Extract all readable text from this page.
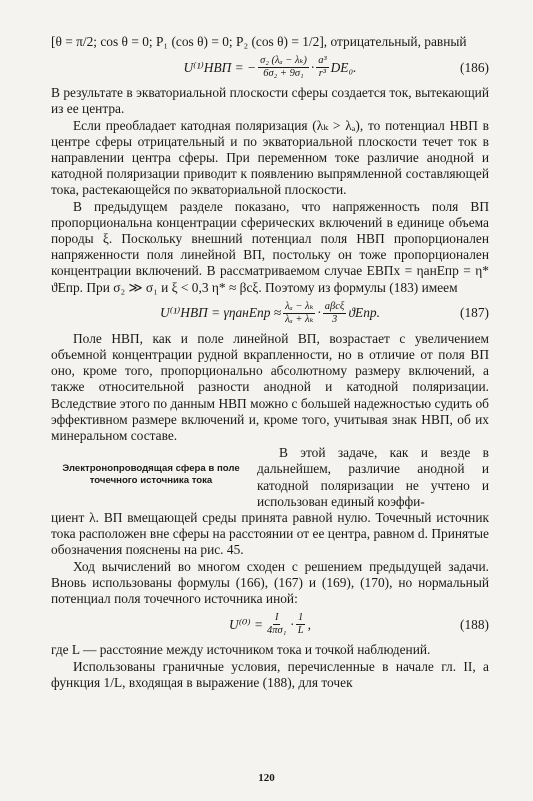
[θ = π/2; cos θ = 0; P₁ (cos θ) = 0; P₂ (cos θ) = 1/2], отрицательный, равный

U⁽¹⁾НВП = − $\frac{\text{σ₂ (λₐ − λₖ)}}{\text{6σ₂ + 9σ₁}} \cdot \frac{\text{a³}}{\text{r³}} DE_0$.	(186)

В результате в экваториальной плоскости сферы создается ток, вытекающий из ее центра.

Если преобладает катодная поляризация (λₖ > λₐ), то потенциал НВП в центре сферы отрицательный и по экваториальной плоскости течет ток в направлении центра сферы. При переменном токе различие анодной и катодной поляризации приводит к появлению выпрямленной составляющей тока, растекающейся по экваториальной плоскости.

В предыдущем разделе показано, что напряженность поля ВП пропорциональна концентрации сферических включений в единице объема породы ξ. Поскольку внешний потенциал поля НВП пропорционален напряженности поля линейной ВП, постольку он тоже пропорционален концентрации включений. В рассматриваемом случае EВПх = ηанEпр = η* ϑEпр. При σ₂ ≫ σ₁ и ξ < 0,3 η* ≈ βсξ. Поэтому из формулы (183) имеем

U⁽¹⁾НВП = γηанEпр ≈ $\frac{\text{λₐ − λₖ}}{\text{λₐ + λₖ}} \cdot \frac{\text{aβсξ}}{3} ϑEпр$.	(187)

Поле НВП, как и поле линейной ВП, возрастает с увеличением объемной концентрации рудной вкрапленности, но в отличие от поля ВП оно, кроме того, пропорционально абсолютному размеру включений, а также относительной разности анодной и катодной поляризации. Вследствие этого по данным НВП можно с большей надежностью судить об эффективном размере включений и, кроме того, учитывая знак НВП, об их минеральном составе.

Электронопроводящая сфера в поле точечного источника тока

В этой задаче, как и везде в дальнейшем, различие анодной и катодной поляризации не учтено и использован единый коэффи-

циент λ. ВП вмещающей среды принята равной нулю. Точечный источник тока расположен вне сферы на расстоянии от ее центра, равном d. Принятые обозначения пояснены на рис. 45.

Ход вычислений во многом сходен с решением предыдущей задачи. Вновь использованы формулы (166), (167) и (169), (170), но нормальный потенциал поля точечного источника иной:

$U^{(0)} = \frac{I}{\text{4πσ₁}} \cdot \frac{1}{L}$ ,	(188)

где L — расстояние между источником тока и точкой наблюдений.

Использованы граничные условия, перечисленные в начале гл. II, а функция 1/L, входящая в выражение (188), для точек

120
